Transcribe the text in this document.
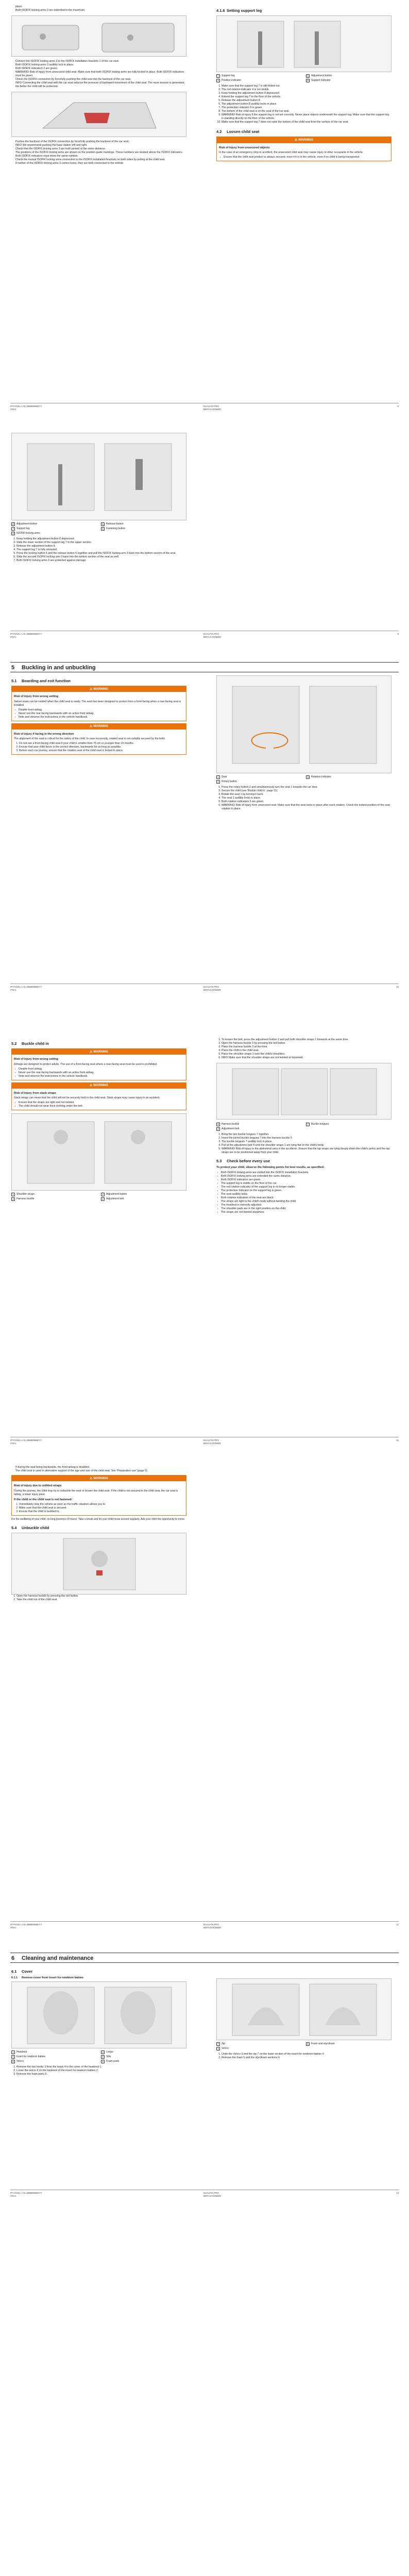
place.
Both ISOFIX locking arms 3 are extended to the maximum.
Connect the ISOFIX locking arms 3 to the ISOFIX installation brackets 1 of the car seat.
Both ISOFIX locking arms 3 audibly lock in place.
Both ISOFIX indicators 2 are green.
WARNING! Risk of injury from unsecured child seat. Make sure that both ISOFIX locking arms are fully locked in place. Both ISOFIX indicators must be green.
Check the ISOFIX connection by forcefully pushing the child seat into the backrest of the car seat.
INFO Connecting the child seat with the car seat reduces the pressure of backward movement of the child seat. The more tension is generated, the better the child will be protected.
Pushes the backrest of the ISOFIX connection by forcefully pushing the backrest of the car seat.
INFO We recommend pushing the base station left and right.
Check that the ISOFIX locking arms 3 are both pinned at the same distance.
The positions of the ISOFIX locking arms are shown on the position guide markings. These numbers are located above the ISOFIX indicators. Both ISOFIX indicators must show the same number.
Check the mutual ISOFIX locking arms connection to the ISOFIX installation brackets on both sides by pulling at the child seat.
If neither of the ISOFIX locking arms 3 comes loose, they are both connected to the vehicle.
4.1.6 Setting support leg
7	Support leg	8	Adjustment button
4	Position indicator	9	Support indicator
1. Make sure that the support leg 7 is still folded out.
2. The red rotation indicator 4 is not visible.
3. Keep holding the adjustment button 8 depressed.
4. Extend the support leg 7 to the floor of the vehicle.
5. Release the adjustment button 8.
6. The adjustment button 8 audibly locks in place.
7. The protection indicator 9 is green.
8. The bottom of the child seat is on the seat of the car seat.
9. WARNING! Risk of injury if the support leg is not set correctly. Never place objects underneath the support leg. Make sure that the support leg is standing directly on the floor of the vehicle.
10. Make sure that the support leg 7 does not raise the bottom of the child seat from the surface of the car seat.
4.2 Loosen child seat
⚠ WARNING

Risk of injury from unsecured objects

In the case of an emergency stop or accident, the unsecured child seat may cause injury to other occupants in the vehicle.

▪ Ensure that the child seat product is always secured, even if it is in the vehicle, even if no child is being transported.
IPY-KNKL-1 EL BBBB/BBB/YY	DUALFIX PRO	8
ITM-1	BRITAX RÖMER
8	Adjustment button	6	Release button
7	Support leg	5	Fastening button
3	ISOFIX locking arms
1. Keep holding the adjustment button 8 depressed.
2. Slide the lower section of the support leg 7 to the upper section.
3. Release the adjustment button 8.
4. The support leg 7 is fully retracted.
5. Press the locking button 5 and the release button 6 together and pull the ISOFIX locking arm 3 back into the bottom section of the seat.
6. Slide the second ISOFIX locking arm 3 back into the bottom section of the seat as well.
7. Both ISOFIX locking arms 3 are protected against damage.
IPY-KNKL-1 EL BBBB/BBB/YY	DUALFIX PRO	9
ITM-1	BRITAX RÖMER
5 Buckling in and unbuckling
5.1 Boarding and exit function
⚠ WARNING

Risk of injury from wrong setting

Swivel seats can be rotated when the child seat is ready. The seat has been designed to protect from a front-facing when a rear-facing seat is installed.

▪ Disable front airbag.
▪ Never use the rear-facing backwards with an active front airbag.
▪ Note and observe the instructions in the vehicle handbook.
⚠ WARNING

Risk of injury if facing in the wrong direction

The alignment of the seat is critical for the safety of the child. In case incorrectly, rotated seat is not suitably secured by the belts.

1. Do not use a front-facing child seat if your child is smaller than 76 cm or younger than 15 months.
2. Ensure that your child faces in the correct direction, backwards for as long as possible.
3. Before each car journey, ensure that the rotation seat of the child seat is locked in place.
1	Seat	3	Rotation indicator
2	Rotary button
1. Press the rotary button 2 and simultaneously turn the seat 1 towards the car door.
2. Secure the child (see 'Buckle child in', page 11).
3. Rotate the seat 1 by turning it back.
4. The seat 1 audibly locks in place.
5. Both rotation indicators 3 are green.
6. WARNING! Risk of injury from unsecured seat. Make sure that the seat locks in place after each rotation. Check the locked position of the seat rotation in place.
IPY-KNKL-1 EL BBBB/BBB/YY	DUALFIX PRO	10
ITM-1	BRITAX RÖMER
5.2 Buckle child in
⚠ WARNING

Risk of injury from wrong setting

Airbags are designed to protect adults. The use of a front-facing seat where a rear-facing seat must be used is prohibited.

▪ Disable front airbag.
▪ Never use the rear-facing backwards with an active front airbag.
▪ Note and observe the instructions in the vehicle handbook.
⚠ WARNING

Risk of injury from slack straps

Slack straps can mean that the child will not be securely held in the child seat. Slack straps may cause injury in an accident.

▪ Ensure that the straps are tight and not twisted.
▪ The child should not wear thick clothing under the belt.
1	Shoulder straps	2	Adjustment button
3	Harness buckle	4	Adjustment belt
1. To loosen the belt, press the adjustment button 2 and pull both shoulder straps 1 forwards at the same time.
2. Open the harness buckle 3 by pressing the red button.
3. Place the harness buckle 3 at the front.
4. Place the child in the child seat.
5. Place the shoulder straps 1 over the child's shoulders.
6. INFO Make sure that the shoulder straps are not twisted or loosened.
3	Harness buckle	7	Buckle tongues
4	Adjustment belt
1. Bring the two buckle tongues 7 together.
2. Insert the joined buckle tongues 7 into the harness buckle 3.
3. The buckle tongues 7 audibly lock in place.
4. Pull at the adjustment belt 4 until the shoulder straps 1 are lying flat on the child's body.
5. WARNING! Risk of injury to the abdominal area in the accidents. Ensure that the lap straps are lying deeply down the child's pelvis and the lap straps are to be positioned away from your child.
5.3 Check before every use

To protect your child, observe the following points for best results, as specified:

▪ Both ISOFIX locking arms are slotted into the ISOFIX installation brackets.
▪ Both ISOFIX locking arms are extended the same distance.
▪ Both ISOFIX indicators are green.
▪ The support leg is visible on the floor of the car.
▪ The red rotation indicator of the support leg is no longer visible.
▪ The protection indicator on the support leg is green.
▪ The seat audibly locks.
▪ Both rotation indicators of the seat are black.
▪ The straps are tight to the child's body without twisting the child.
▪ The headrest is correctly adjusted.
▪ The shoulder pads are in the right position on the child.
▪ The straps are not twisted anywhere.
IPY-KNKL-1 EL BBBB/BBB/YY	DUALFIX PRO	11
ITM-1	BRITAX RÖMER
If during the seat being backwards, the front airbag is disabled.
The child seat is used in alternative support of the age and size of the child seat. See 'Preparation use' (page 5).
⚠ WARNING

Risk of injury due to unfitted straps

During the journey, the child may try to unbuckle the seat or loosen the child seat. If the child is not secured in the child seat, the car seat is falling, a lower injury point.

If the child or the child seat is not fastened:

1. Immediately stop the vehicle as soon as the traffic situation allows you to.
2. Make sure that the child seat is secured.
3. Ensure that the child is buckled in.

For the wellbeing of your child, on long journeys (4 hours): Take a break and let your child move around regularly. Ask your child the opportunity to move.

5.4 Unbuckle child
1. Open the harness buckle by pressing the red button.
2. Take the child out of the child seat.
IPY-KNKL-1 EL BBBB/BBB/YY	DUALFIX PRO	12
ITM-1	BRITAX RÖMER
6 Cleaning and maintenance
6.1 Cover
6.1.1 Remove cover from insert for newborn babies
1	Headrest	4	Loops
2	Insert for newborn babies	3	Slits
6	Velcro	5	Foam parts
1. Remove the two hooks 3 from the loops 4 in the cover of the headrest 1.
2. Loose the velcro 6 on the backrest of the insert for newborn babies 2.
3. Remove the foam parts 5.
7	Zip	5	Foam and styrofoam
3	Velcro
1. Undo the Velcro 3 and the zip 7 on the lower section of the insert for newborn babies 4.
2. Remove the foam 5 and the styrofoam sections 6.
IPY-KNKL-1 EL BBBB/BBB/YY	DUALFIX PRO	13
ITM-1	BRITAX RÖMER
